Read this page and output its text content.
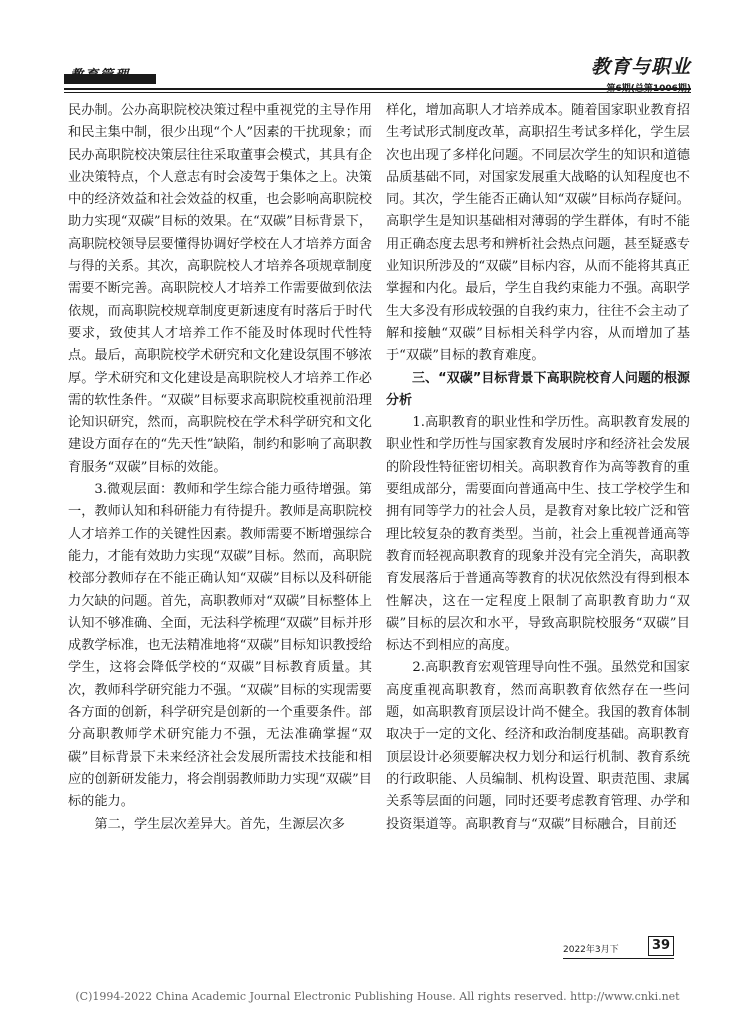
教育管理	教育与职业

民办制。公办高职院校决策过程中重视党的主导作用和民主集中制，很少出现“个人”因素的干扰现象；而民办高职院校决策层往往采取董事会模式，其具有企业决策特点，个人意志有时会凌驾于集体之上。决策中的经济效益和社会效益的权重，也会影响高职院校助力实现“双碳”目标的效果。在“双碳”目标背景下，高职院校领导层要懂得协调好学校在人才培养方面舍与得的关系。其次，高职院校人才培养各项规章制度需要不断完善。高职院校人才培养工作需要做到依法依规，而高职院校规章制度更新速度有时落后于时代要求，致使其人才培养工作不能及时体现时代性特点。最后，高职院校学术研究和文化建设氛围不够浓厚。学术研究和文化建设是高职院校人才培养工作必需的软性条件。“双碳”目标要求高职院校重视前沿理论知识研究，然而，高职院校在学术科学研究和文化建设方面存在的“先天性”缺陷，制约和影响了高职教育服务“双碳”目标的效能。

3.微观层面：教师和学生综合能力亟待增强。第一，教师认知和科研能力有待提升。教师是高职院校人才培养工作的关键性因素。教师需要不断增强综合能力，才能有效助力实现“双碳”目标。然而，高职院校部分教师存在不能正确认知“双碳”目标以及科研能力欠缺的问题。首先，高职教师对“双碳”目标整体上认知不够准确、全面，无法科学梳理“双碳”目标并形成教学标准，也无法精准地将“双碳”目标知识教授给学生，这将会降低学校的“双碳”目标教育质量。其次，教师科学研究能力不强。“双碳”目标的实现需要各方面的创新，科学研究是创新的一个重要条件。部分高职教师学术研究能力不强，无法准确掌握“双碳”目标背景下未来经济社会发展所需技术技能和相应的创新研发能力，将会削弱教师助力实现“双碳”目标的能力。

第二，学生层次差异大。首先，生源层次多

样化，增加高职人才培养成本。随着国家职业教育招生考试形式制度改革，高职招生考试多样化，学生层次也出现了多样化问题。不同层次学生的知识和道德品质基础不同，对国家发展重大战略的认知程度也不同。其次，学生能否正确认知“双碳”目标尚存疑问。高职学生是知识基础相对薄弱的学生群体，有时不能用正确态度去思考和辨析社会热点问题，甚至疑惑专业知识所涉及的“双碳”目标内容，从而不能将其真正掌握和内化。最后，学生自我约束能力不强。高职学生大多没有形成较强的自我约束力，往往不会主动了解和接触“双碳”目标相关科学内容，从而增加了基于“双碳”目标的教育难度。

三、“双碳”目标背景下高职院校育人问题的根源分析

1.高职教育的职业性和学历性。高职教育发展的职业性和学历性与国家教育发展时序和经济社会发展的阶段性特征密切相关。高职教育作为高等教育的重要组成部分，需要面向普通高中生、技工学校学生和拥有同等学力的社会人员，是教育对象比较广泛和管理比较复杂的教育类型。当前，社会上重视普通高等教育而轻视高职教育的现象并没有完全消失，高职教育发展落后于普通高等教育的状况依然没有得到根本性解决，这在一定程度上限制了高职教育助力“双碳”目标的层次和水平，导致高职院校服务“双碳”目标达不到相应的高度。

2.高职教育宏观管理导向性不强。虽然党和国家高度重视高职教育，然而高职教育依然存在一些问题，如高职教育顶层设计尚不健全。我国的教育体制取决于一定的文化、经济和政治制度基础。高职教育顶层设计必须要解决权力划分和运行机制、教育系统的行政职能、人员编制、机构设置、职责范围、隶属关系等层面的问题，同时还要考虑教育管理、办学和投资渠道等。高职教育与“双碳”目标融合，目前还

2022年3月下	39
(C)1994-2022 China Academic Journal Electronic Publishing House. All rights reserved. http://www.cnki.net
